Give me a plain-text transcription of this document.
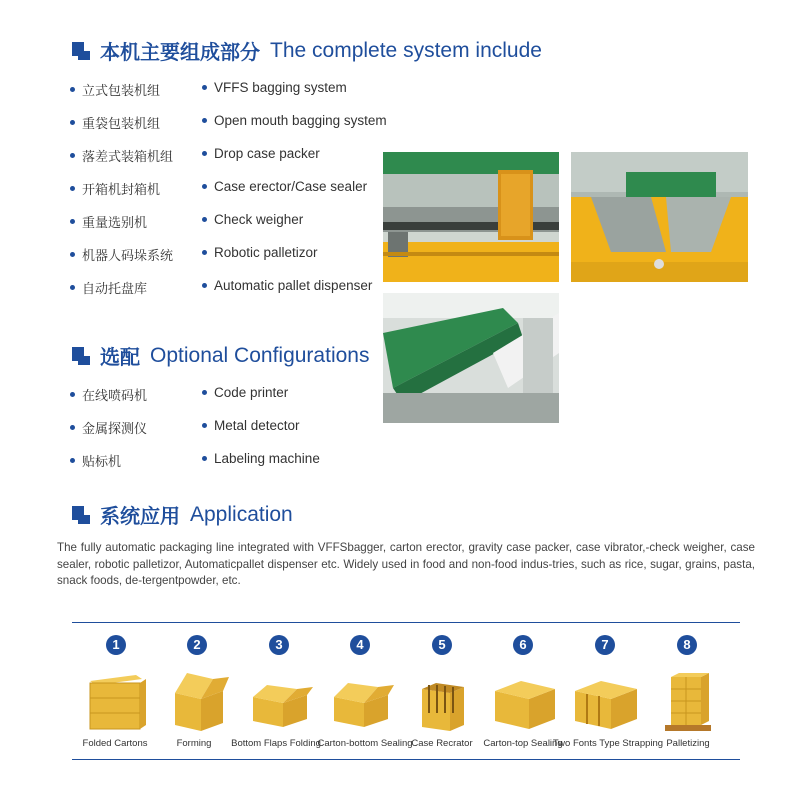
本机主要组成部分 The complete system include
立式包装机组	VFFS bagging system
重袋包装机组	Open mouth bagging system
落差式装箱机组	Drop case packer
开箱机封箱机	Case erector/Case sealer
重量选别机	Check weigher
机器人码垛系统	Robotic palletizor
自动托盘库	Automatic pallet dispenser
选配 Optional Configurations
在线喷码机	Code printer
金属探测仪	Metal detector
贴标机	Labeling machine
系统应用 Application
The fully automatic packaging line integrated with VFFSbagger, carton erector, gravity case packer, case vibrator,-check weigher, case sealer, robotic palletizor, Automaticpallet dispenser etc. Widely used in food and non-food indus-tries, such as rice, sugar, grains, pasta, snack foods, de-tergentpowder, etc.
1	2	3	4	5	6	7	8
Folded Cartons	Forming Bottom Flaps Folding
Carton-bottom Sealing
Case Recrator Carton-top Sealing
Two Fonts Type Strapping Palletizing
